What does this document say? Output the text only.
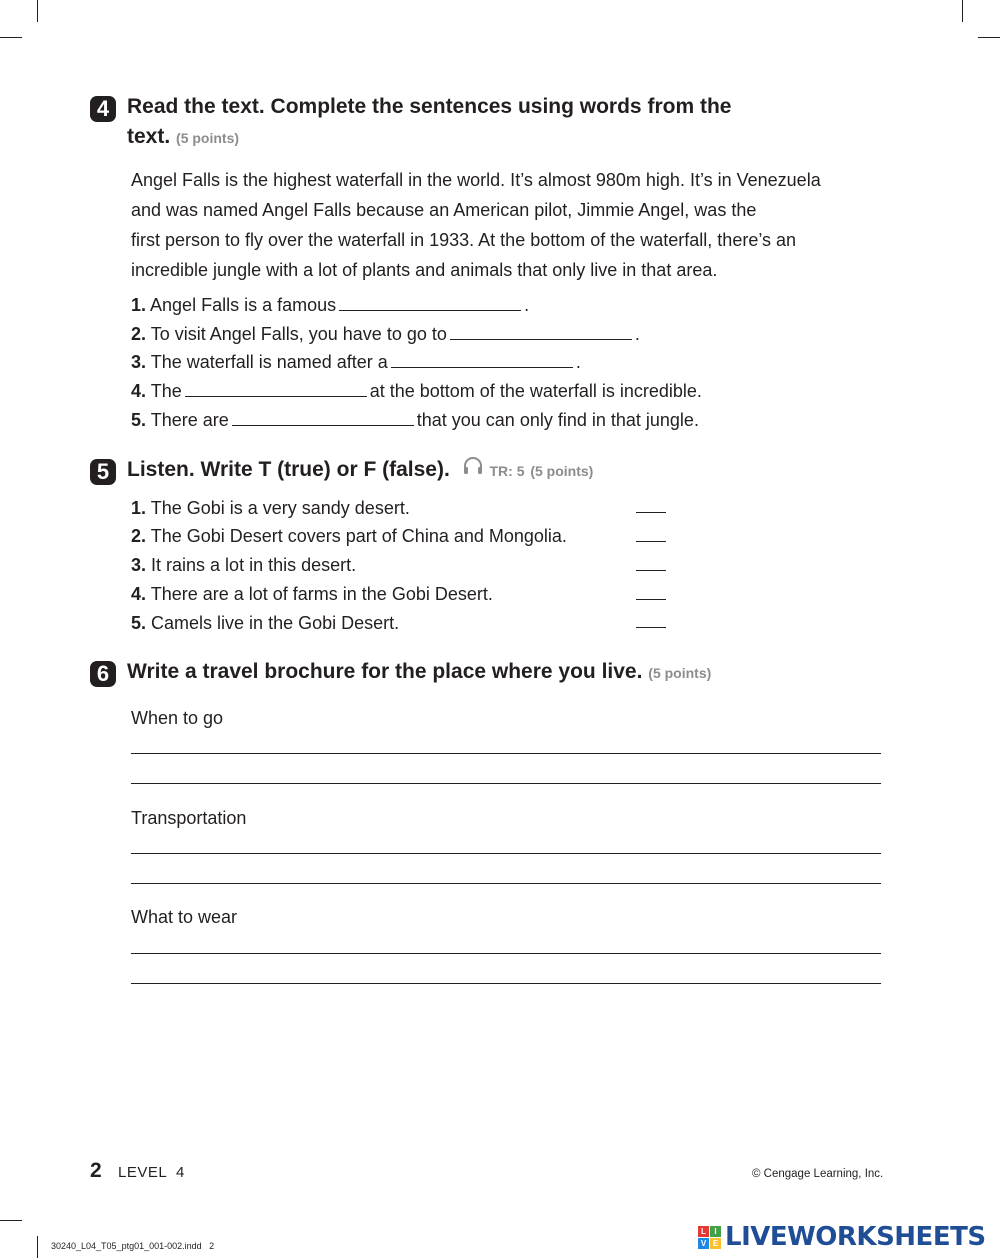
4 Read the text. Complete the sentences using words from the
text. (5 points)

Angel Falls is the highest waterfall in the world. It’s almost 980m high. It’s in Venezuela

and was named Angel Falls because an American pilot, Jimmie Angel, was the

first person to fly over the waterfall in 1933. At the bottom of the waterfall, there’s an

incredible jungle with a lot of plants and animals that only live in that area.

1. Angel Falls is a famous	.
2. To visit Angel Falls, you have to go to	.
3. The waterfall is named after a	.
4. The	at the bottom of the waterfall is incredible.
5. There are	that you can only find in that jungle.
5 Listen. Write T (true) or F (false).	TR: 5 (5 points)
1. The Gobi is a very sandy desert.
2. The Gobi Desert covers part of China and Mongolia.
3. It rains a lot in this desert.
4. There are a lot of farms in the Gobi Desert.
5. Camels live in the Gobi Desert.
6 Write a travel brochure for the place where you live. (5 points)
When to go
Transportation
What to wear
2 LEVEL  4	© Cengage Learning, Inc.
30240_L04_T05_ptg01_001-002.indd   2
L	I
V E LIVEWORKSHEETS
